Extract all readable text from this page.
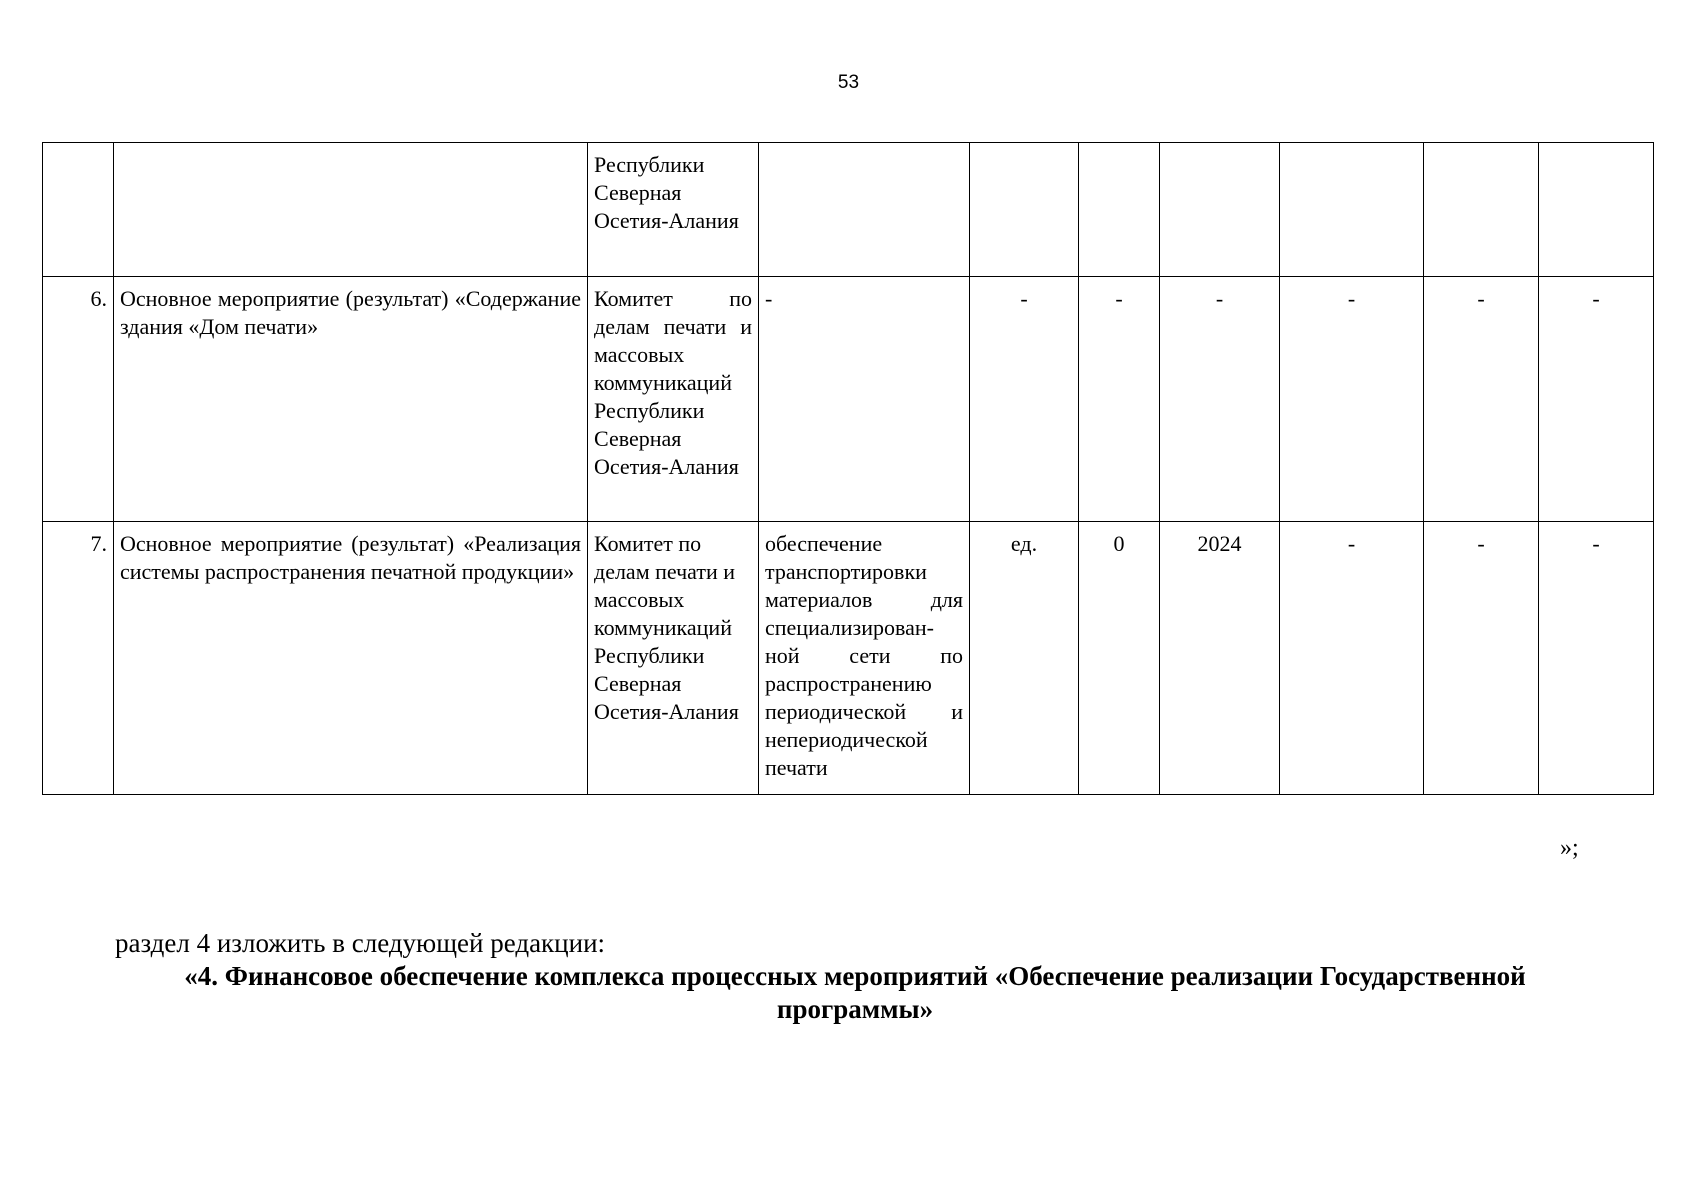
53
		Республики Северная Осетия-Алания							
6.	Основное мероприятие (результат) «Содержание здания «Дом печати»	Комитет по делам печати и массовых коммуникаций Республики Северная Осетия-Алания	-	-	-	-	-	-	-
7.	Основное мероприятие (результат) «Реализация системы распространения печатной продукции»	Комитет по делам печати и массовых коммуникаций Республики Северная Осетия-Алания	обеспечение транспортировки материалов для специализирован-ной сети по распространению периодической и непериодической печати	ед.	0	2024	-	-	-
»;
раздел 4 изложить в следующей редакции:
«4. Финансовое обеспечение комплекса процессных мероприятий «Обеспечение реализации Государственной программы»
